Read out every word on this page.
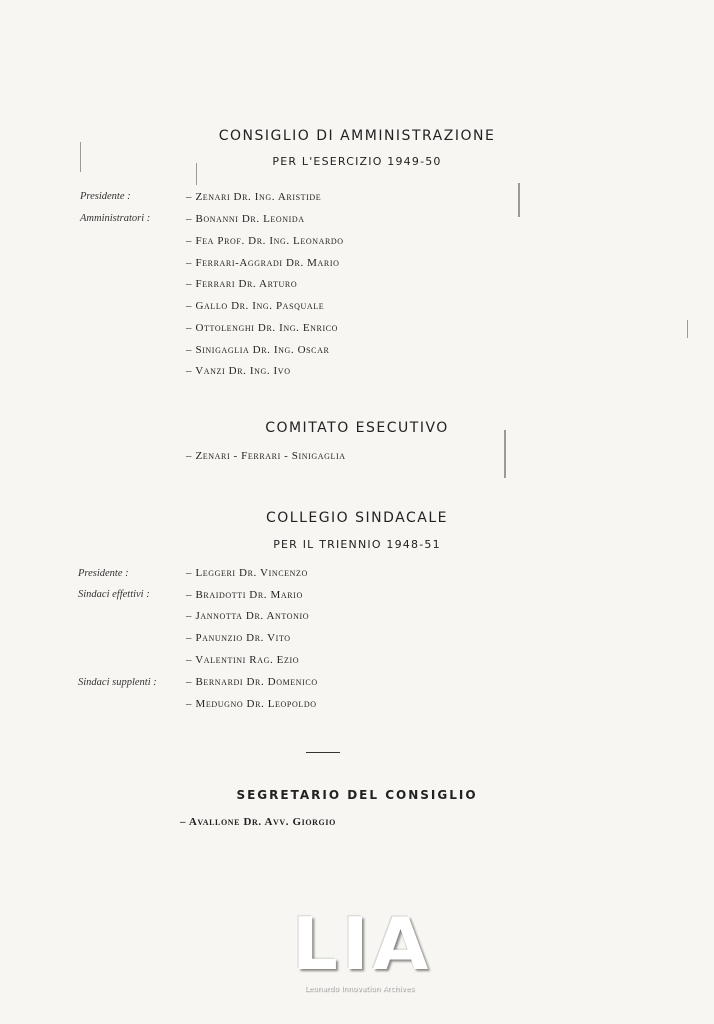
CONSIGLIO DI AMMINISTRAZIONE
PER L'ESERCIZIO 1949-50
Presidente :
Amministratori :
– Zenari Dr. Ing. Aristide
– Bonanni Dr. Leonida
– Fea Prof. Dr. Ing. Leonardo
– Ferrari-Aggradi Dr. Mario
– Ferrari Dr. Arturo
– Gallo Dr. Ing. Pasquale
– Ottolenghi Dr. Ing. Enrico
– Sinigaglia Dr. Ing. Oscar
– Vanzi Dr. Ing. Ivo
COMITATO ESECUTIVO
– Zenari - Ferrari - Sinigaglia
COLLEGIO SINDACALE
PER IL TRIENNIO 1948-51
Presidente :
Sindaci effettivi :
Sindaci supplenti :
– Leggeri Dr. Vincenzo
– Braidotti Dr. Mario
– Jannotta Dr. Antonio
– Panunzio Dr. Vito
– Valentini Rag. Ezio
– Bernardi Dr. Domenico
– Medugno Dr. Leopoldo
SEGRETARIO DEL CONSIGLIO
– Avallone Dr. Avv. Giorgio
LIA
Leonardo Innovation Archives
